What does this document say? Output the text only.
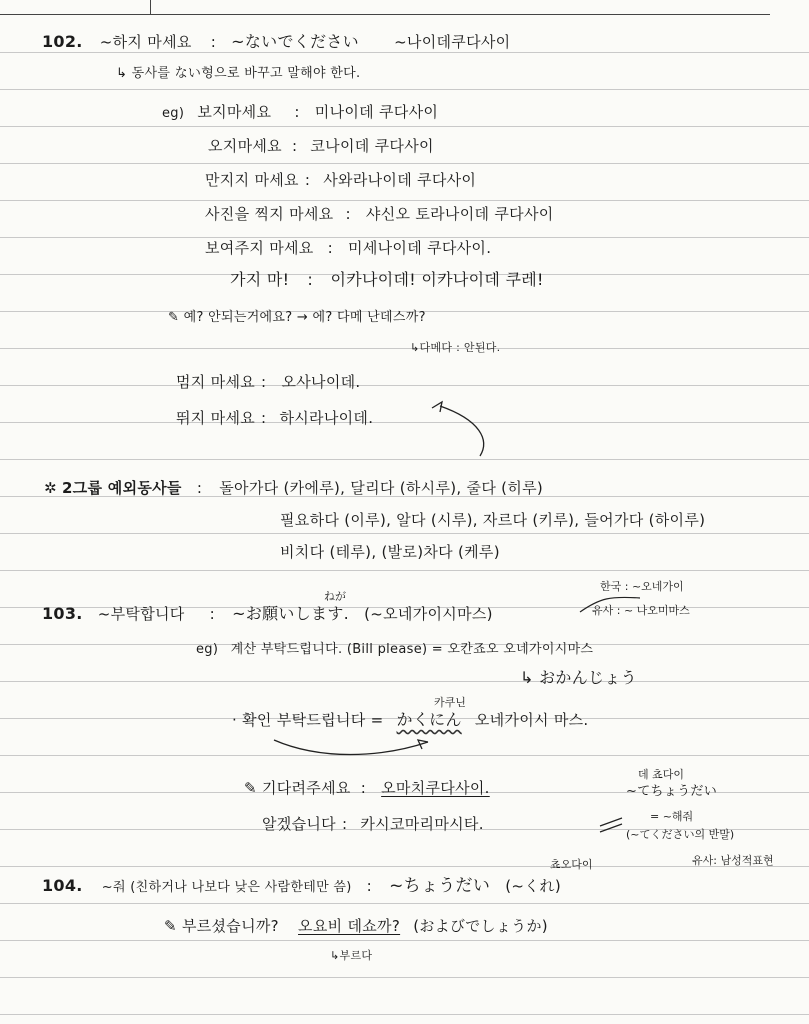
102. ~하지 마세요 : ~ないでください ~나이데쿠다사이
↳ 동사를 ない형으로 바꾸고 말해야 한다.
eg) 보지마세요 : 미나이데 쿠다사이
오지마세요 : 코나이데 쿠다사이
만지지 마세요 : 사와라나이데 쿠다사이
사진을 찍지 마세요 : 샤신오 토라나이데 쿠다사이
보여주지 마세요 : 미세나이데 쿠다사이.
가지 마! : 이카나이데! 이카나이데 쿠레!
✎ 예? 안되는거에요? → 에? 다메 난데스까?
↳다메다 : 안된다.
멈지 마세요 : 오사나이데.
뛰지 마세요 : 하시라나이데.
✲ 2그룹 예외동사들 : 돌아가다 (카에루), 달리다 (하시루), 줄다 (히루)
필요하다 (이루), 알다 (시루), 자르다 (키루), 들어가다 (하이루)
비치다 (테루), (발로)차다 (케루)
ねが
103. ~부탁합니다 : ~お願いします. (~오네가이시마스)
한국 : ~오네가이
유사 : ~ 나오미마스
eg) 계산 부탁드립니다. (Bill please) = 오칸죠오 오네가이시마스
↳ おかんじょう
카쿠닌
· 확인 부탁드립니다 = かくにん 오네가이시 마스.
✎ 기다려주세요 : 오마치쿠다사이.
알겠습니다 : 카시코마리마시타.
데 쵸다이
~てちょうだい
= ~해줘
(~てください의 반말)
쵸오다이	유사: 남성적표현
104. ~줘 (친하거나 나보다 낮은 사람한테만 씀) : ~ちょうだい (~くれ)
✎ 부르셨습니까? 오요비 데쇼까? (およびでしょうか)
↳부르다
